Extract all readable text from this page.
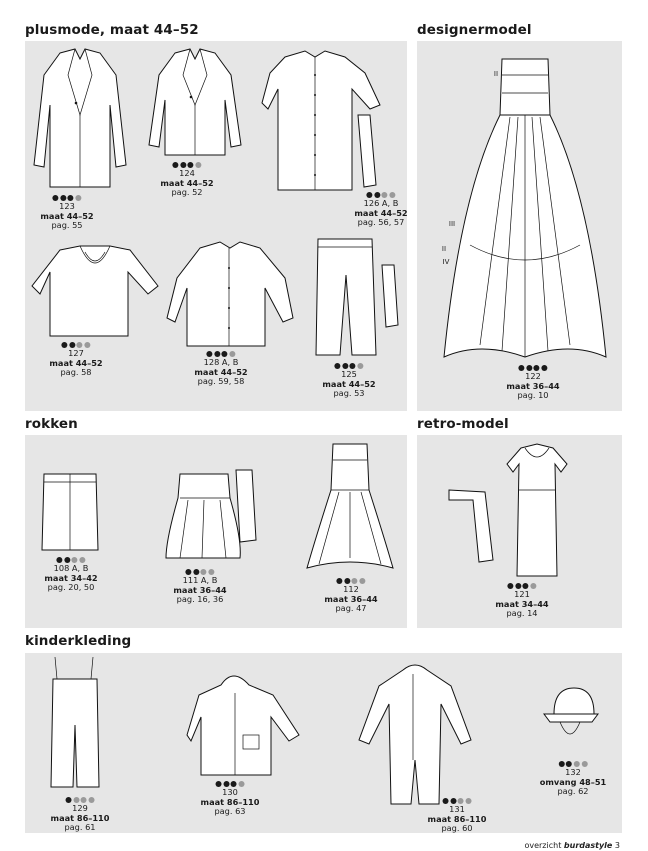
plusmode, maat 44–52	designermodel
rokken	retro-model
kinderkleding
II
III
II
IV
123
maat 44–52
pag. 55
124
maat 44–52
pag. 52
126 A, B
maat 44–52
pag. 56, 57
127
maat 44–52
pag. 58
128 A, B
maat 44–52
pag. 59, 58
125
maat 44–52
pag. 53
122
maat 36–44
pag. 10
108 A, B
maat 34–42
pag. 20, 50
111 A, B
maat 36–44
pag. 16, 36
112
maat 36–44
pag. 47
121
maat 34–44
pag. 14
129
maat 86–110
pag. 61
130
maat 86–110
pag. 63	131
maat 86–110
pag. 60
132
omvang 48–51
pag. 62
overzicht burdastyle 3
